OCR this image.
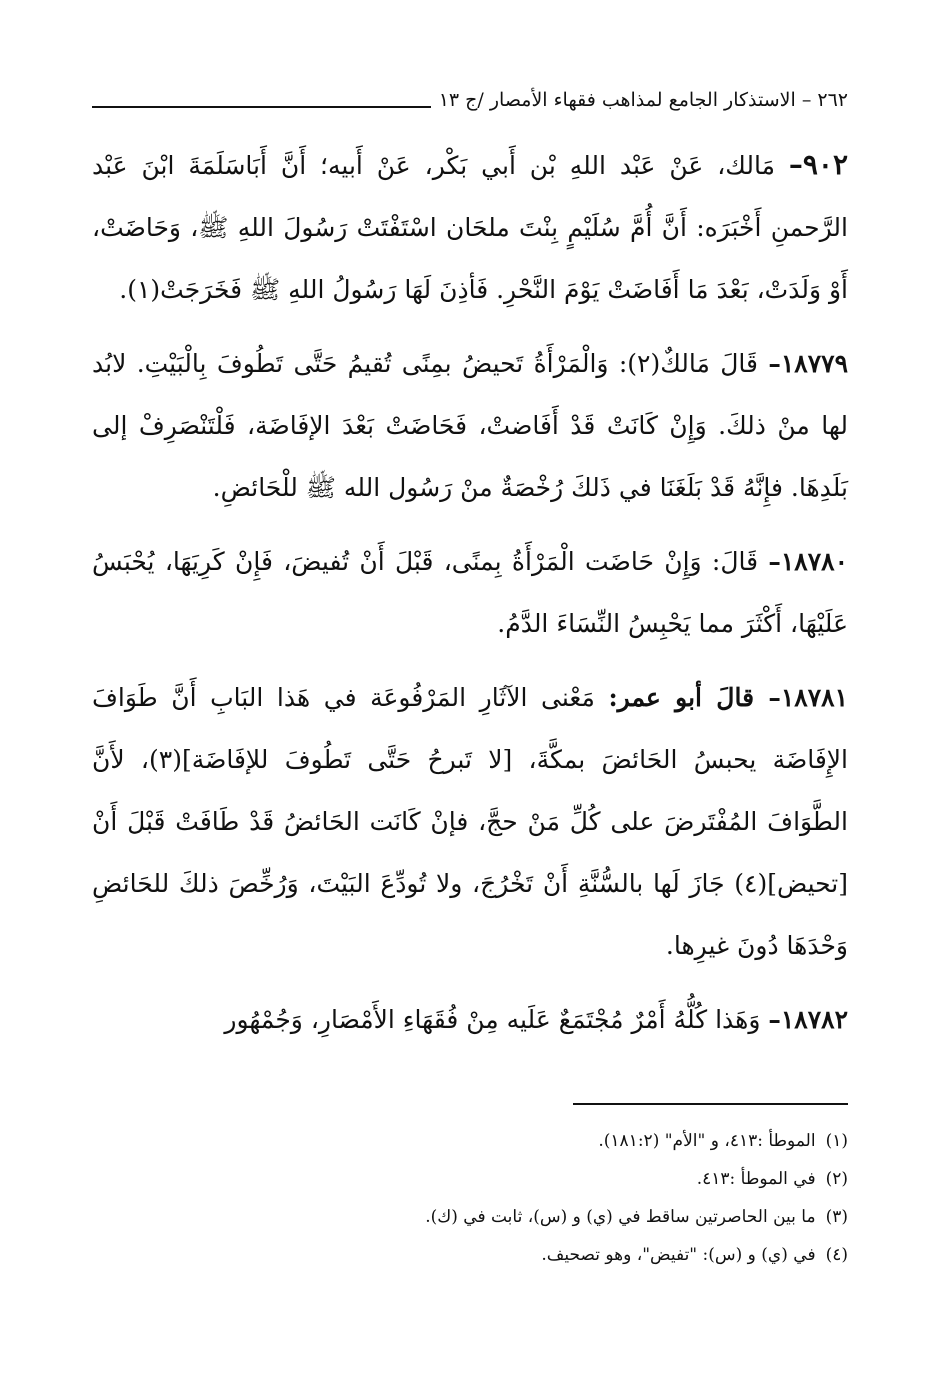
٢٦٢ – الاستذكار الجامع لمذاهب فقهاء الأمصار /ج ١٣

٩٠٢– مَالك، عَنْ عَبْد اللهِ بْن أَبي بَكْر، عَنْ أَبيه؛ أَنَّ أَبَاسَلَمَةَ ابْنَ عَبْد الرَّحمنِ أَخْبَرَه: أَنَّ أُمَّ سُلَيْمٍ بِنْتَ ملحَان اسْتَفْتَتْ رَسُولَ اللهِ ﷺ، وَحَاضَتْ، أَوْ وَلَدَتْ، بَعْدَ مَا أَفَاضَتْ يَوْمَ النَّحْرِ. فَأذِنَ لَهَا رَسُولُ اللهِ ﷺ فَخَرَجَتْ(١).

١٨٧٧٩– قَالَ مَالكٌ(٢): وَالْمَرْأَةُ تَحيضُ بمِنًى تُقيمُ حَتَّى تَطُوفَ بِالْبَيْتِ. لابُد لها منْ ذلكَ. وَإِنْ كَانَتْ قَدْ أَفَاضتْ، فَحَاضَتْ بَعْدَ الإفَاضَة، فَلْتَنْصَرِفْ إلى بَلَدِهَا. فإِنَّهُ قَدْ بَلَغَنَا في ذَلكَ رُخْصَةٌ منْ رَسُول الله ﷺ للْحَائضِ.

١٨٧٨٠– قَالَ: وَإِنْ حَاضَت الْمَرْأَةُ بِمنًى، قَبْلَ أَنْ تُفيضَ، فَإِنْ كَرِيَهَا، يُحْبَسُ عَلَيْهَا، أَكْثَرَ مما يَحْبِسُ النِّسَاءَ الدَّمُ.

١٨٧٨١– قالَ أبو عمر: مَعْنى الآثَارِ المَرْفُوعَة في هَذا البَابِ أَنَّ طَوَافَ الإِفَاضَة يحبسُ الحَائضَ بمكَّةَ، [لا تَبرحُ حَتَّى تَطُوفَ للإفَاضَة](٣)، لأَنَّ الطَّوَافَ المُفْتَرضَ على كُلِّ مَنْ حجَّ، فإنْ كَانَت الحَائضُ قَدْ طَافَتْ قَبْلَ أَنْ [تحيض](٤) جَازَ لَها بالسُّنَّةِ أَنْ تَخْرُجَ، ولا تُودِّعَ البَيْتَ، وَرُخِّصَ ذلكَ للحَائضِ وَحْدَهَا دُونَ غيرِها.

١٨٧٨٢– وَهَذا كُلُّهُ أَمْرٌ مُجْتَمَعٌ عَلَيه مِنْ فُقَهَاءِ الأَمْصَارِ، وَجُمْهُور

(١)الموطأ :٤١٣، و "الأم" (١٨١:٢).

(٢)في الموطأ :٤١٣.

(٣)ما بين الحاصرتين ساقط في (ي) و (س)، ثابت في (ك).

(٤)في (ي) و (س): "تفيض"، وهو تصحيف.
